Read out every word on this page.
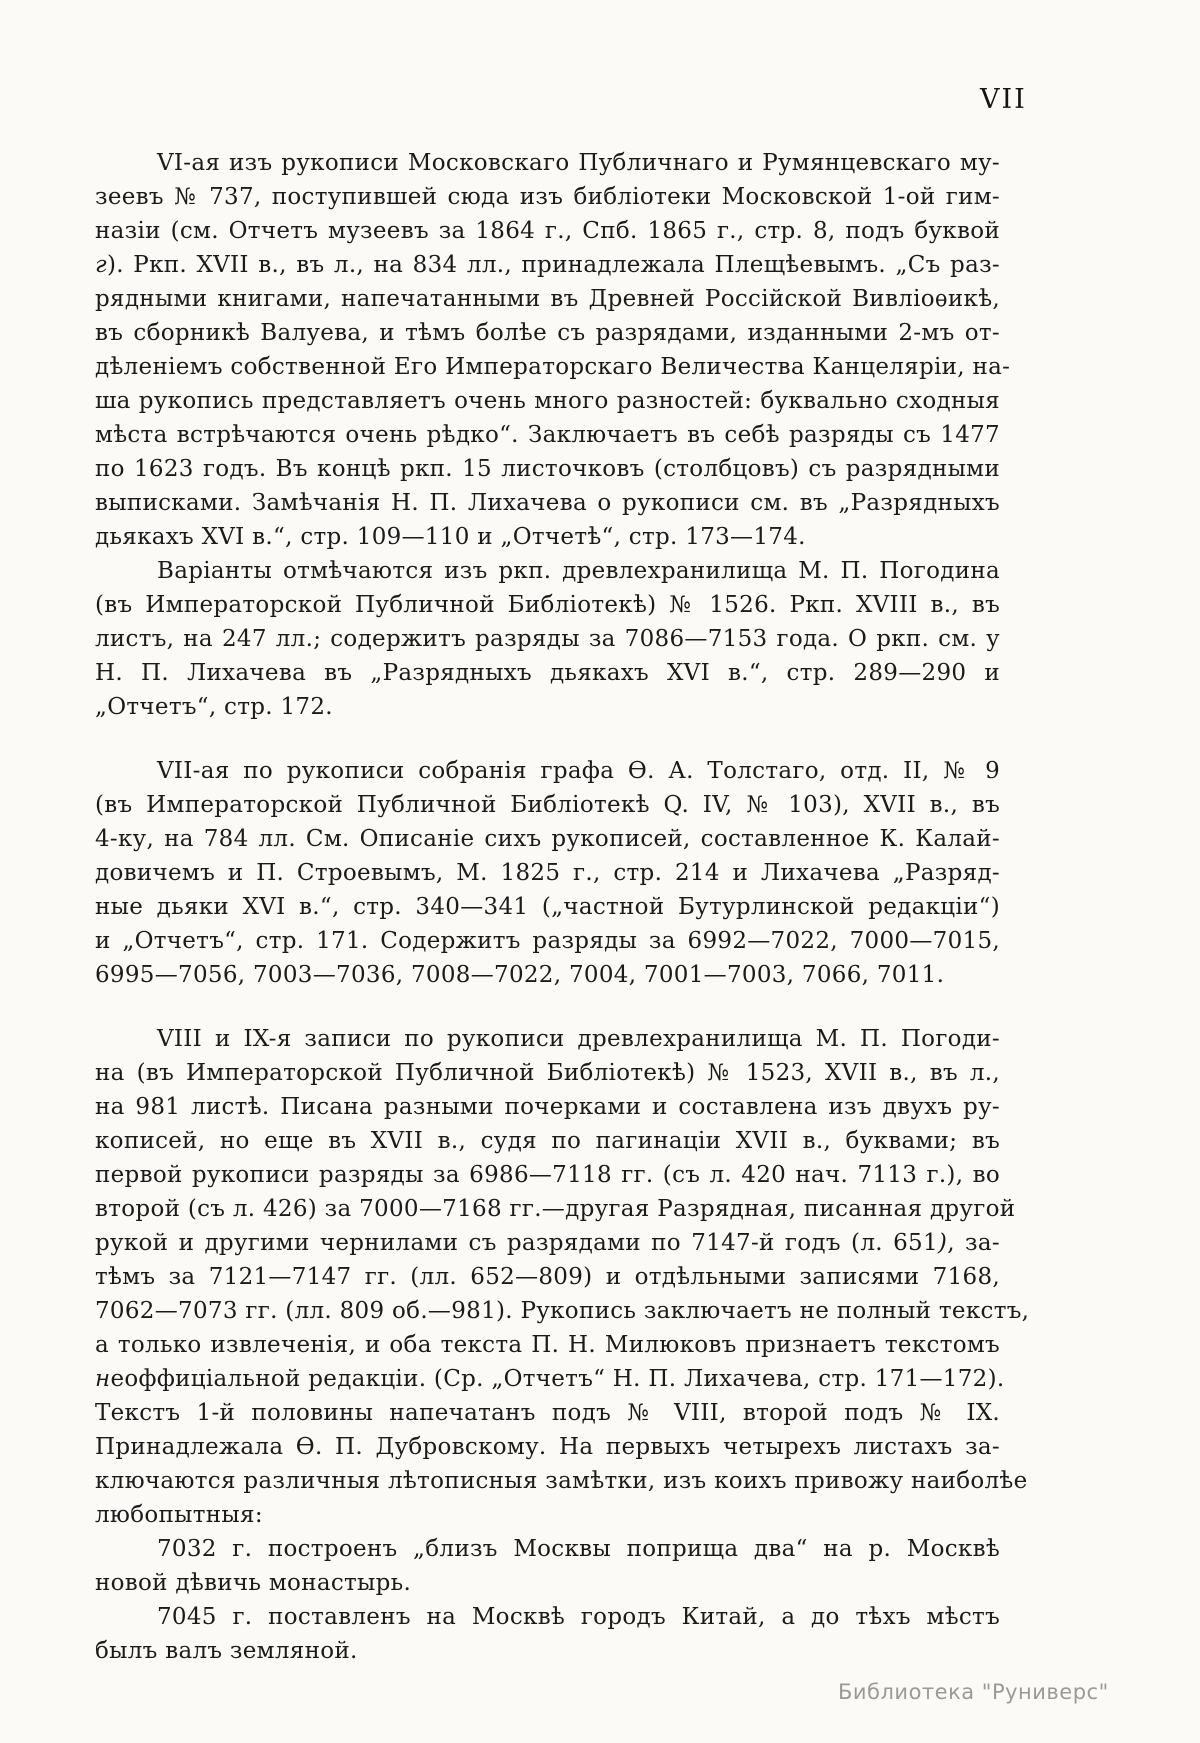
VII
VI-ая изъ рукописи Московскаго Публичнаго и Румянцевскаго му-
зеевъ № 737, поступившей сюда изъ библіотеки Московской 1-ой гим-
назіи (см. Отчетъ музеевъ за 1864 г., Спб. 1865 г., стр. 8, подъ буквой
г). Ркп. XVII в., въ л., на 834 лл., принадлежала Плещѣевымъ. „Съ раз-
рядными книгами, напечатанными въ Древней Россійской Вивліоѳикѣ,
въ сборникѣ Валуева, и тѣмъ болѣе съ разрядами, изданными 2-мъ от-
дѣленіемъ собственной Его Императорскаго Величества Канцеляріи, на-
ша рукопись представляетъ очень много разностей: буквально сходныя
мѣста встрѣчаются очень рѣдко“. Заключаетъ въ себѣ разряды съ 1477
по 1623 годъ. Въ концѣ ркп. 15 листочковъ (столбцовъ) съ разрядными
выписками. Замѣчанія Н. П. Лихачева о рукописи см. въ „Разрядныхъ
дьякахъ XVI в.“, стр. 109—110 и „Отчетѣ“, стр. 173—174.
Варіанты отмѣчаются изъ ркп. древлехранилища М. П. Погодина
(въ Императорской Публичной Библіотекѣ) № 1526. Ркп. XVIII в., въ
листъ, на 247 лл.; содержитъ разряды за 7086—7153 года. О ркп. см. у
Н. П. Лихачева въ „Разрядныхъ дьякахъ XVI в.“, стр. 289—290 и
„Отчетъ“, стр. 172.
VII-ая по рукописи собранія графа Ѳ. А. Толстаго, отд. II, № 9
(въ Императорской Публичной Библіотекѣ Q. IV, № 103), XVII в., въ
4-ку, на 784 лл. См. Описаніе сихъ рукописей, составленное К. Калай-
довичемъ и П. Строевымъ, М. 1825 г., стр. 214 и Лихачева „Разряд-
ные дьяки XVI в.“, стр. 340—341 („частной Бутурлинской редакціи“)
и „Отчетъ“, стр. 171. Содержитъ разряды за 6992—7022, 7000—7015,
6995—7056, 7003—7036, 7008—7022, 7004, 7001—7003, 7066, 7011.
VIII и IX-я записи по рукописи древлехранилища М. П. Погоди-
на (въ Императорской Публичной Библіотекѣ) № 1523, XVII в., въ л.,
на 981 листѣ. Писана разными почерками и составлена изъ двухъ ру-
кописей, но еще въ XVII в., судя по пагинаціи XVII в., буквами; въ
первой рукописи разряды за 6986—7118 гг. (съ л. 420 нач. 7113 г.), во
второй (съ л. 426) за 7000—7168 гг.—другая Разрядная, писанная другой
рукой и другими чернилами съ разрядами по 7147-й годъ (л. 651), за-
тѣмъ за 7121—7147 гг. (лл. 652—809) и отдѣльными записями 7168,
7062—7073 гг. (лл. 809 об.—981). Рукопись заключаетъ не полный текстъ,
а только извлеченія, и оба текста П. Н. Милюковъ признаетъ текстомъ
неоффиціальной редакціи. (Ср. „Отчетъ“ Н. П. Лихачева, стр. 171—172).
Текстъ 1-й половины напечатанъ подъ № VIII, второй подъ № IX.
Принадлежала Ѳ. П. Дубровскому. На первыхъ четырехъ листахъ за-
ключаются различныя лѣтописныя замѣтки, изъ коихъ привожу наиболѣе
любопытныя:
7032 г. построенъ „близъ Москвы поприща два“ на р. Москвѣ
новой дѣвичь монастырь.
7045 г. поставленъ на Москвѣ городъ Китай, а до тѣхъ мѣстъ
былъ валъ земляной.
Библиотека "Руниверс"
